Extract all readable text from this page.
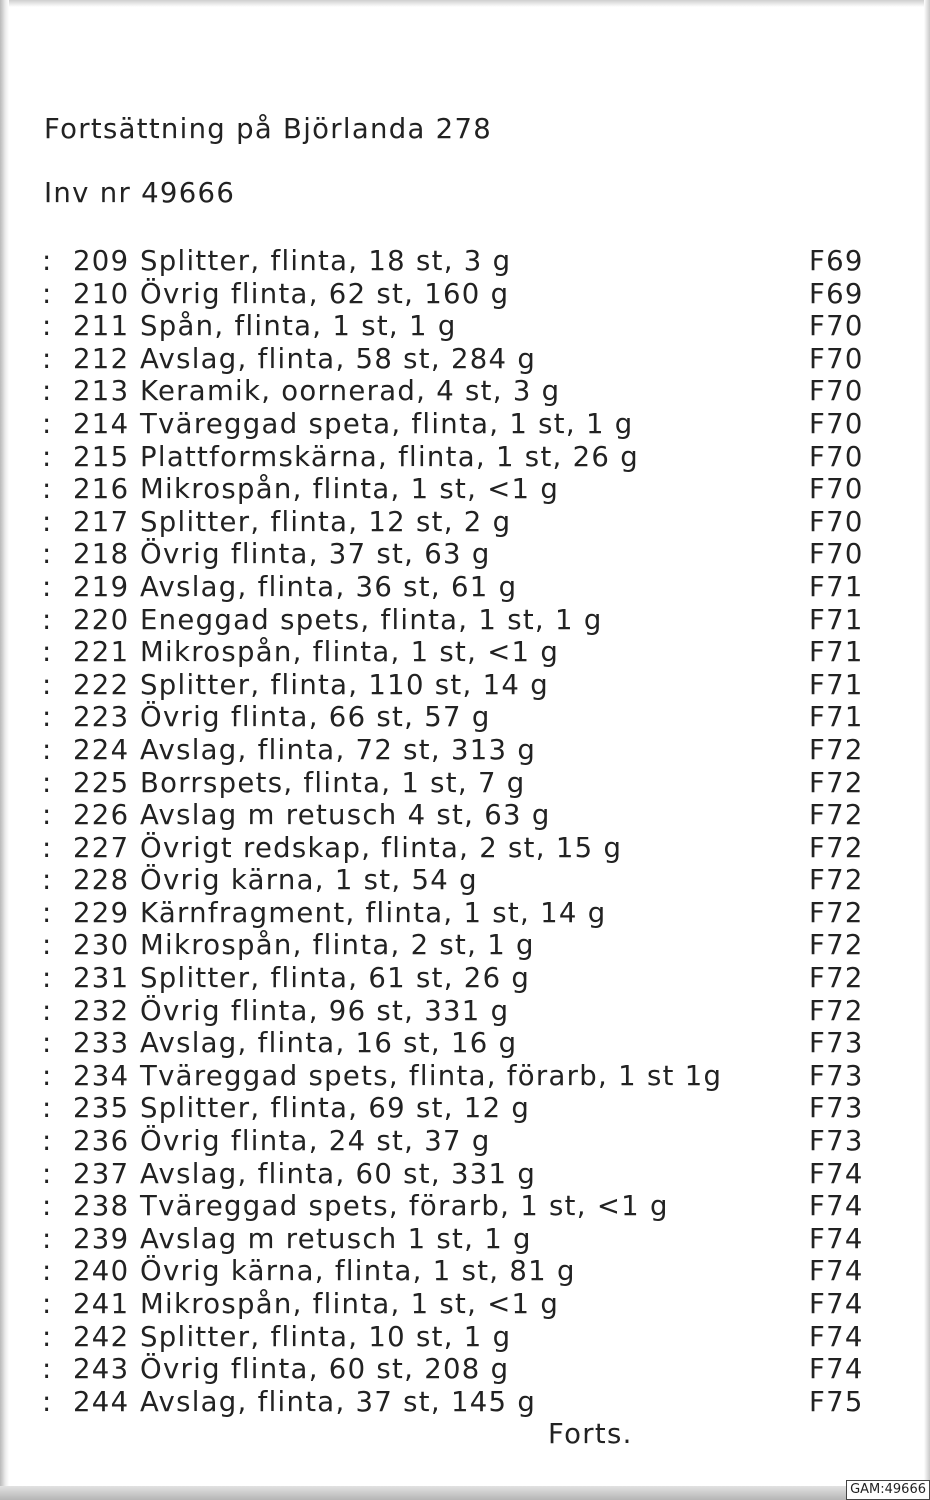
Fortsättning på Björlanda 278
Inv nr 49666
: 209 Splitter, flinta, 18 st, 3 g	F69
: 210 Övrig flinta, 62 st, 160 g	F69
: 211 Spån, flinta, 1 st, 1 g	F70
: 212 Avslag, flinta, 58 st, 284 g	F70
: 213 Keramik, oornerad, 4 st, 3 g	F70
: 214 Tväreggad speta, flinta, 1 st, 1 g	F70
: 215 Plattformskärna, flinta, 1 st, 26 g	F70
: 216 Mikrospån, flinta, 1 st, <1 g	F70
: 217 Splitter, flinta, 12 st, 2 g	F70
: 218 Övrig flinta, 37 st, 63 g	F70
: 219 Avslag, flinta, 36 st, 61 g	F71
: 220 Eneggad spets, flinta, 1 st, 1 g	F71
: 221 Mikrospån, flinta, 1 st, <1 g	F71
: 222 Splitter, flinta, 110 st, 14 g	F71
: 223 Övrig flinta, 66 st, 57 g	F71
: 224 Avslag, flinta, 72 st, 313 g	F72
: 225 Borrspets, flinta, 1 st, 7 g	F72
: 226 Avslag m retusch 4 st, 63 g	F72
: 227 Övrigt redskap, flinta, 2 st, 15 g	F72
: 228 Övrig kärna, 1 st, 54 g	F72
: 229 Kärnfragment, flinta, 1 st, 14 g	F72
: 230 Mikrospån, flinta, 2 st, 1 g	F72
: 231 Splitter, flinta, 61 st, 26 g	F72
: 232 Övrig flinta, 96 st, 331 g	F72
: 233 Avslag, flinta, 16 st, 16 g	F73
: 234 Tväreggad spets, flinta, förarb, 1 st 1g	F73
: 235 Splitter, flinta, 69 st, 12 g	F73
: 236 Övrig flinta, 24 st, 37 g	F73
: 237 Avslag, flinta, 60 st, 331 g	F74
: 238 Tväreggad spets, förarb, 1 st, <1 g	F74
: 239 Avslag m retusch 1 st, 1 g	F74
: 240 Övrig kärna, flinta, 1 st, 81 g	F74
: 241 Mikrospån, flinta, 1 st, <1 g	F74
: 242 Splitter, flinta, 10 st, 1 g	F74
: 243 Övrig flinta, 60 st, 208 g	F74
: 244 Avslag, flinta, 37 st, 145 g	F75
Forts.
GAM:49666
